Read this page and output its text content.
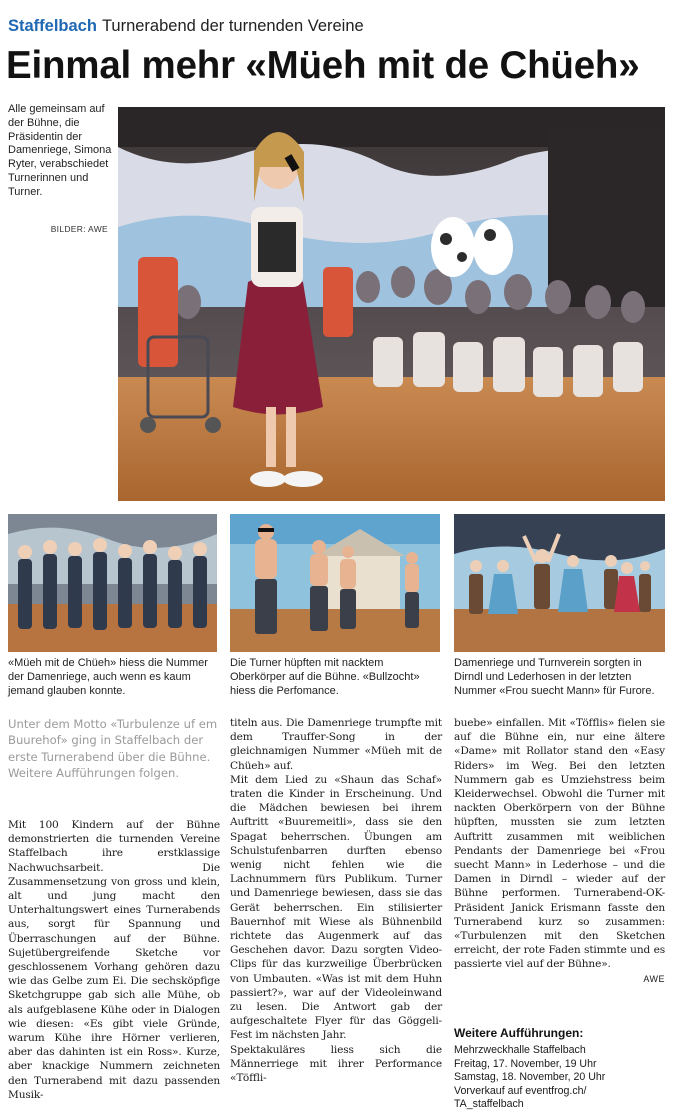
Staffelbach Turnerabend der turnenden Vereine
Einmal mehr «Müeh mit de Chüeh»
Alle gemeinsam auf der Bühne, die Präsidentin der Damenriege, Simona Ryter, verabschiedet Turnerinnen und Turner.
BILDER: AWE
«Müeh mit de Chüeh» hiess die Nummer der Damenriege, auch wenn es kaum jemand glauben konnte.
Die Turner hüpften mit nacktem Oberkörper auf die Bühne. «Bullzocht» hiess die Perfomance.
Damenriege und Turnverein sorgten in Dirndl und Lederhosen in der letzten Nummer «Frou suecht Mann» für Furore.
Unter dem Motto «Turbulenze uf em Buurehof» ging in Staffelbach der erste Turnerabend über die Bühne. Weitere Aufführungen folgen.

Mit 100 Kindern auf der Bühne demonstrierten die turnenden Vereine Staffelbach ihre erstklassige Nachwuchsarbeit. Die Zusammensetzung von gross und klein, alt und jung macht den Unterhaltungswert eines Turnerabends aus, sorgt für Spannung und Überraschungen auf der Bühne. Sujetübergreifende Sketche vor geschlossenem Vorhang gehören dazu wie das Gelbe zum Ei. Die sechsköpfige Sketchgruppe gab sich alle Mühe, ob als aufgeblasene Kühe oder in Dialogen wie diesen: «Es gibt viele Gründe, warum Kühe ihre Hörner verlieren, aber das dahinten ist ein Ross». Kurze, aber knackige Nummern zeichneten den Turnerabend mit dazu passenden Musik-

titeln aus. Die Damenriege trumpfte mit dem Trauffer-Song in der gleichnamigen Nummer «Müeh mit de Chüeh» auf.

Mit dem Lied zu «Shaun das Schaf» traten die Kinder in Erscheinung. Und die Mädchen bewiesen bei ihrem Auftritt «Buuremeitli», dass sie den Spagat beherrschen. Übungen am Schulstufenbarren durften ebenso wenig nicht fehlen wie die Lachnummern fürs Publikum. Turner und Damenriege bewiesen, dass sie das Gerät beherrschen. Ein stilisierter Bauernhof mit Wiese als Bühnenbild richtete das Augenmerk auf das Geschehen davor. Dazu sorgten Video-Clips für das kurzweilige Überbrücken von Umbauten. «Was ist mit dem Huhn passiert?», war auf der Videoleinwand zu lesen. Die Antwort gab der aufgeschaltete Flyer für das Göggeli-Fest im nächsten Jahr.

Spektakuläres liess sich die Männerriege mit ihrer Performance «Töffli-

buebe» einfallen. Mit «Töfflis» fielen sie auf die Bühne ein, nur eine ältere «Dame» mit Rollator stand den «Easy Riders» im Weg. Bei den letzten Nummern gab es Umziehstress beim Kleiderwechsel. Obwohl die Turner mit nackten Oberkörpern von der Bühne hüpften, mussten sie zum letzten Auftritt zusammen mit weiblichen Pendants der Damenriege bei «Frou suecht Mann» in Lederhose – und die Damen in Dirndl – wieder auf der Bühne performen. Turnerabend-OK-Präsident Janick Erismann fasste den Turnerabend kurz so zusammen: «Turbulenzen mit den Sketchen erreicht, der rote Faden stimmte und es passierte viel auf der Bühne».

AWE
Weitere Aufführungen:
Mehrzweckhalle Staffelbach
Freitag, 17. November, 19 Uhr
Samstag, 18. November, 20 Uhr
Vorverkauf auf eventfrog.ch/
TA_staffelbach
